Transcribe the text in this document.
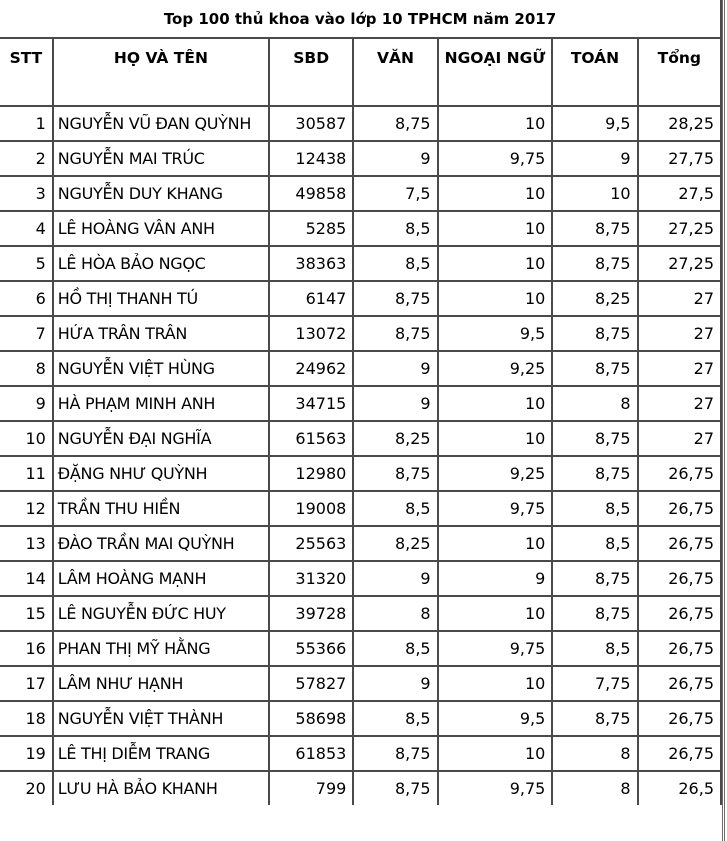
Top 100 thủ khoa vào lớp 10 TPHCM năm 2017						
STT	HỌ VÀ TÊN	SBD	VĂN	NGOẠI NGỮ	TOÁN	Tổng
1	NGUYỄN VŨ ĐAN QUỲNH	30587	8,75	10	9,5	28,25
2	NGUYỄN MAI TRÚC	12438	9	9,75	9	27,75
3	NGUYỄN DUY KHANG	49858	7,5	10	10	27,5
4	LÊ HOÀNG VÂN ANH	5285	8,5	10	8,75	27,25
5	LÊ HÒA BẢO NGỌC	38363	8,5	10	8,75	27,25
6	HỒ THỊ THANH TÚ	6147	8,75	10	8,25	27
7	HỨA TRÂN TRÂN	13072	8,75	9,5	8,75	27
8	NGUYỄN VIỆT HÙNG	24962	9	9,25	8,75	27
9	HÀ PHẠM MINH ANH	34715	9	10	8	27
10	NGUYỄN ĐẠI NGHĨA	61563	8,25	10	8,75	27
11	ĐẶNG NHƯ QUỲNH	12980	8,75	9,25	8,75	26,75
12	TRẦN THU HIỀN	19008	8,5	9,75	8,5	26,75
13	ĐÀO TRẦN MAI QUỲNH	25563	8,25	10	8,5	26,75
14	LÂM HOÀNG MẠNH	31320	9	9	8,75	26,75
15	LÊ NGUYỄN ĐỨC HUY	39728	8	10	8,75	26,75
16	PHAN THỊ MỸ HẰNG	55366	8,5	9,75	8,5	26,75
17	LÂM NHƯ HẠNH	57827	9	10	7,75	26,75
18	NGUYỄN VIỆT THÀNH	58698	8,5	9,5	8,75	26,75
19	LÊ THỊ DIỄM TRANG	61853	8,75	10	8	26,75
20	LƯU HÀ BẢO KHANH	799	8,75	9,75	8	26,5
